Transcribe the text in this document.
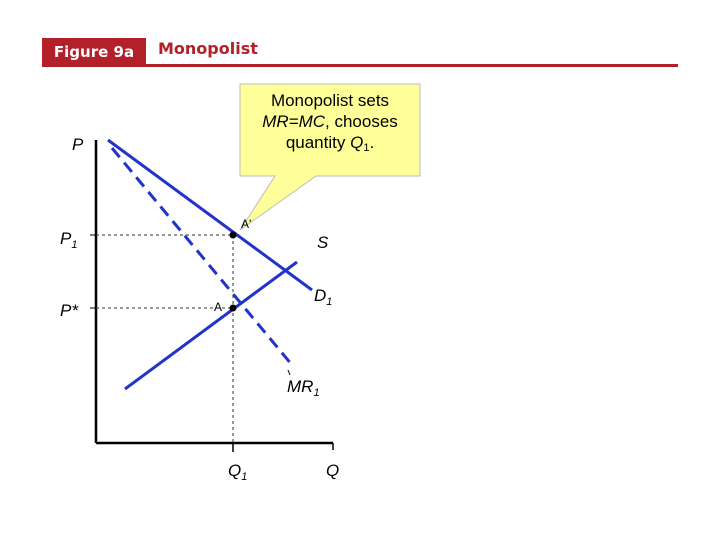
Figure 9a	Monopolist
Monopolist sets
MR=MC, chooses
quantity Q1.
P
$P_1$
P*
A'
A
S
$D_1$
$MR_1$
$Q_1$	Q
